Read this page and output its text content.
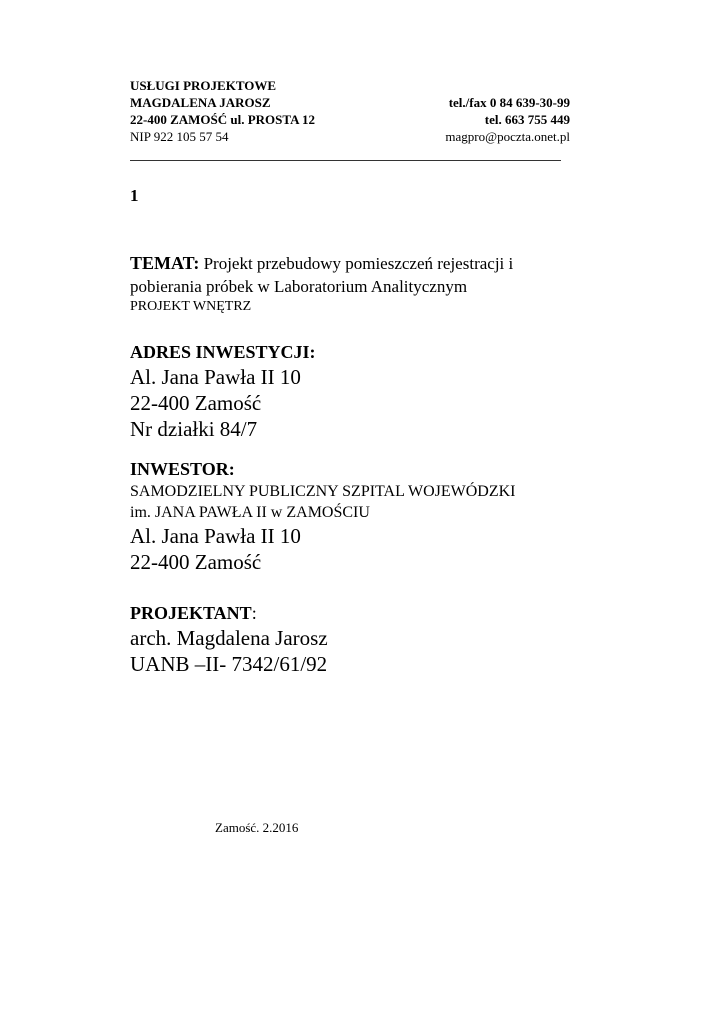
USŁUGI PROJEKTOWE
MAGDALENA JAROSZ
22-400 ZAMOŚĆ ul. PROSTA 12
NIP 922 105 57 54
tel./fax 0 84 639-30-99
tel. 663 755 449
magpro@poczta.onet.pl
1
TEMAT: Projekt przebudowy pomieszczeń rejestracji i
pobierania próbek w Laboratorium Analitycznym
PROJEKT WNĘTRZ
ADRES INWESTYCJI:
Al. Jana Pawła II 10
22-400 Zamość
Nr działki 84/7
INWESTOR:
SAMODZIELNY PUBLICZNY SZPITAL WOJEWÓDZKI
im. JANA PAWŁA II w ZAMOŚCIU
Al. Jana Pawła II 10
22-400 Zamość
PROJEKTANT:
arch. Magdalena Jarosz
UANB –II- 7342/61/92
Zamość. 2.2016
